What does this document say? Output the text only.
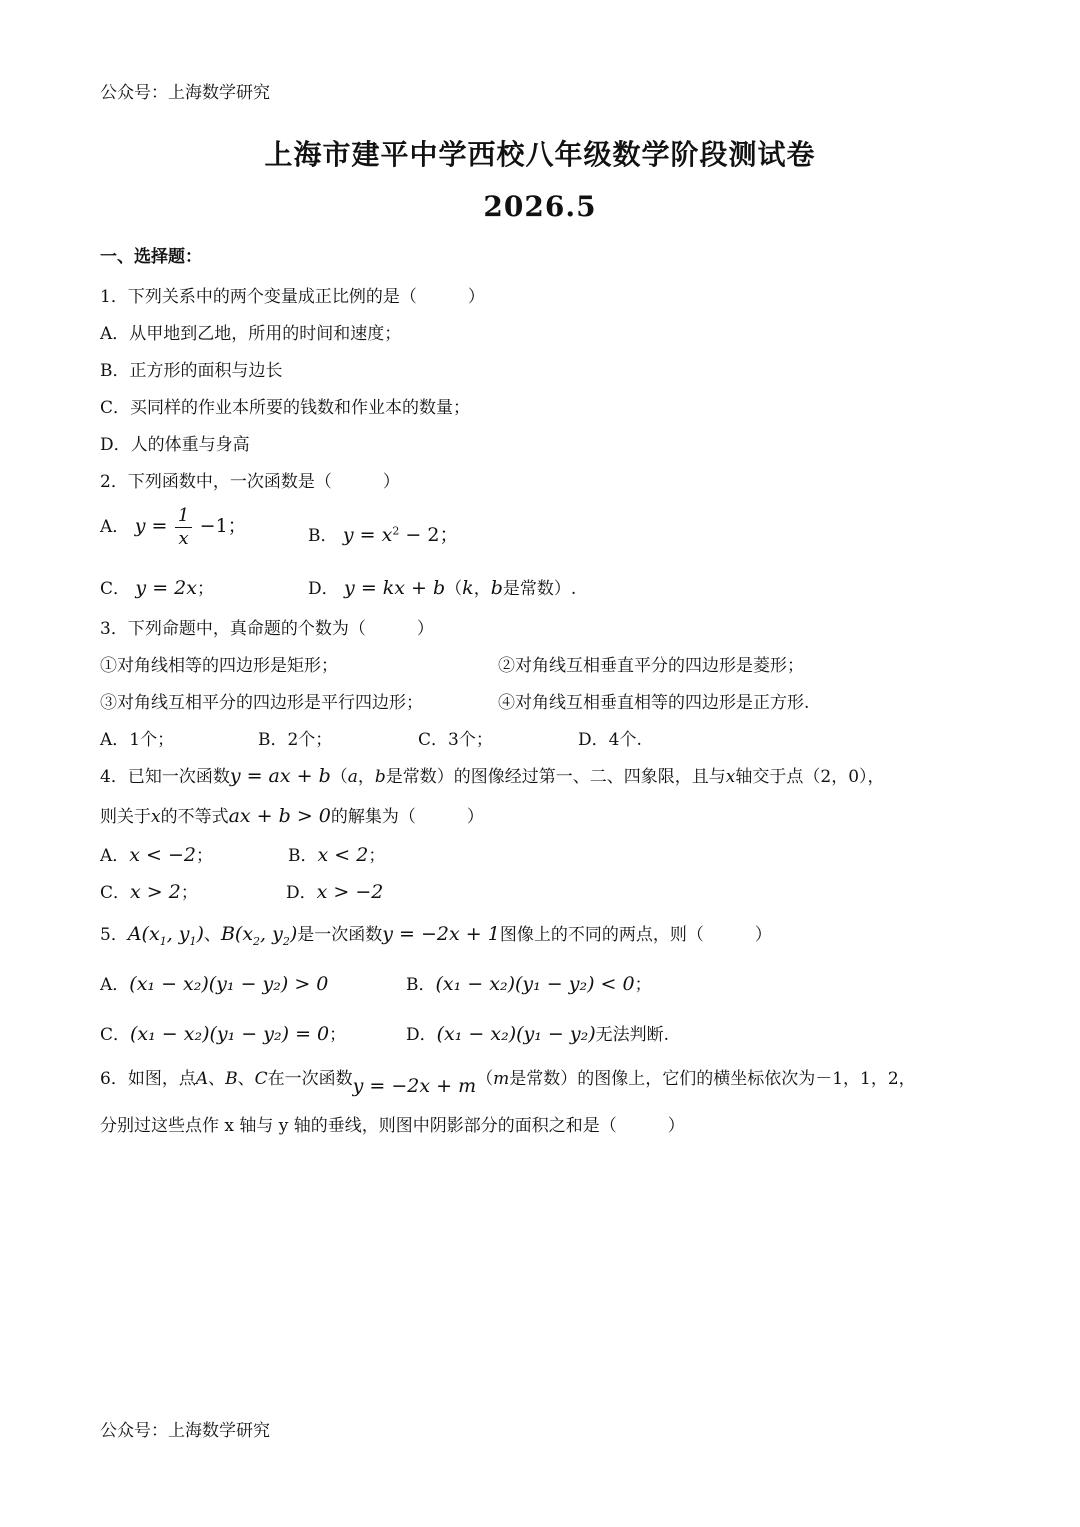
公众号：上海数学研究
上海市建平中学西校八年级数学阶段测试卷
2026.5
一、选择题：
1．下列关系中的两个变量成正比例的是（　　　）
A．从甲地到乙地，所用的时间和速度；
B．正方形的面积与边长
C．买同样的作业本所要的钱数和作业本的数量；
D．人的体重与身高
2．下列函数中，一次函数是（　　　）
A． $y = \frac{1}{x} -1$；	B． $y = x^2 - 2$；
C． y = 2x；	D． y = kx + b（k，b是常数）.
3．下列命题中，真命题的个数为（　　　）
①对角线相等的四边形是矩形；	②对角线互相垂直平分的四边形是菱形；
③对角线互相平分的四边形是平行四边形；	④对角线互相垂直相等的四边形是正方形.
A．1个；	B．2个；	C．3个；	D．4个.
4．已知一次函数y = ax + b（a，b是常数）的图像经过第一、二、四象限，且与x轴交于点（2，0），
则关于x的不等式ax + b > 0的解集为（　　　）
A．x < −2；	B．x < 2；
C．x > 2；	D．x > −2
5．$A(x_1$, $y_1$)、$B(x_2$, $y_2$)是一次函数y = −2x + 1图像上的不同的两点，则（　　　）
A．(x₁ − x₂)(y₁ − y₂) > 0	B．(x₁ − x₂)(y₁ − y₂) < 0；
C．(x₁ − x₂)(y₁ − y₂) = 0；	D．(x₁ − x₂)(y₁ − y₂)无法判断.
6．如图，点A、B、C在一次函数y = −2x + m（m是常数）的图像上，它们的横坐标依次为－1，1，2，
分别过这些点作 x 轴与 y 轴的垂线，则图中阴影部分的面积之和是（　　　）
公众号：上海数学研究
